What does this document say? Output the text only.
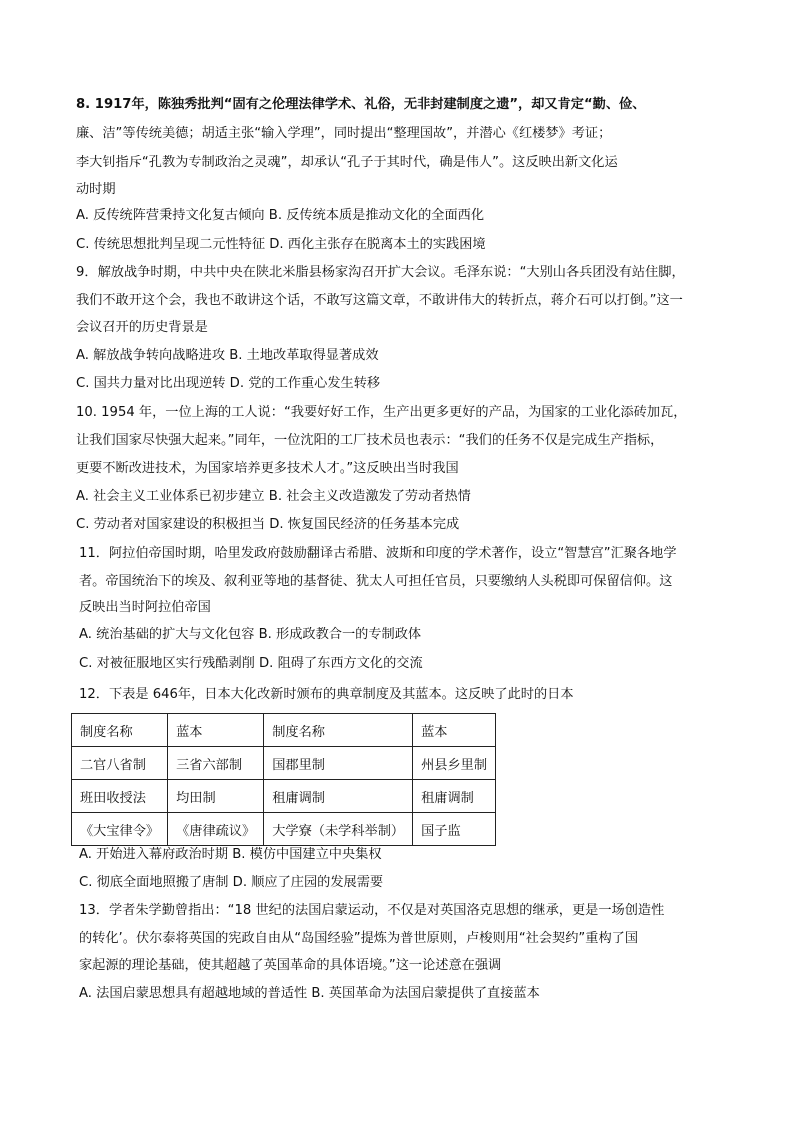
8. 1917年，陈独秀批判“固有之伦理法律学术、礼俗，无非封建制度之遗”，却又肯定“勤、俭、
廉、洁”等传统美德；胡适主张“输入学理”，同时提出“整理国故”，并潜心《红楼梦》考证；
李大钊指斥“孔教为专制政治之灵魂”，却承认“孔子于其时代，确是伟人”。这反映出新文化运
动时期
A. 反传统阵营秉持文化复古倾向 B. 反传统本质是推动文化的全面西化
C. 传统思想批判呈现二元性特征 D. 西化主张存在脱离本土的实践困境
9．解放战争时期，中共中央在陕北米脂县杨家沟召开扩大会议。毛泽东说：“大别山各兵团没有站住脚，
我们不敢开这个会，我也不敢讲这个话，不敢写这篇文章，不敢讲伟大的转折点，蒋介石可以打倒。”这一
会议召开的历史背景是
A. 解放战争转向战略进攻 B. 土地改革取得显著成效
C. 国共力量对比出现逆转 D. 党的工作重心发生转移
10. 1954 年，一位上海的工人说：“我要好好工作，生产出更多更好的产品，为国家的工业化添砖加瓦，
让我们国家尽快强大起来。”同年，一位沈阳的工厂技术员也表示：“我们的任务不仅是完成生产指标，
更要不断改进技术，为国家培养更多技术人才。”这反映出当时我国
A. 社会主义工业体系已初步建立 B. 社会主义改造激发了劳动者热情
C. 劳动者对国家建设的积极担当 D. 恢复国民经济的任务基本完成
11．阿拉伯帝国时期，哈里发政府鼓励翻译古希腊、波斯和印度的学术著作，设立“智慧宫”汇聚各地学
者。帝国统治下的埃及、叙利亚等地的基督徒、犹太人可担任官员，只要缴纳人头税即可保留信仰。这
反映出当时阿拉伯帝国
A. 统治基础的扩大与文化包容 B. 形成政教合一的专制政体
C. 对被征服地区实行残酷剥削 D. 阻碍了东西方文化的交流
12．下表是 646年，日本大化改新时颁布的典章制度及其蓝本。这反映了此时的日本
制度名称	蓝本	制度名称	蓝本
二官八省制	三省六部制	国郡里制	州县乡里制
班田收授法	均田制	租庸调制	租庸调制
《大宝律令》	《唐律疏议》	大学寮（未学科举制）	国子监
A. 开始进入幕府政治时期 B. 模仿中国建立中央集权
C. 彻底全面地照搬了唐制 D. 顺应了庄园的发展需要
13．学者朱学勤曾指出：“18 世纪的法国启蒙运动，不仅是对英国洛克思想的继承，更是一场创造性
的转化’。伏尔泰将英国的宪政自由从“岛国经验”提炼为普世原则，卢梭则用“社会契约”重构了国
家起源的理论基础，使其超越了英国革命的具体语境。”这一论述意在强调
A. 法国启蒙思想具有超越地域的普适性 B. 英国革命为法国启蒙提供了直接蓝本
